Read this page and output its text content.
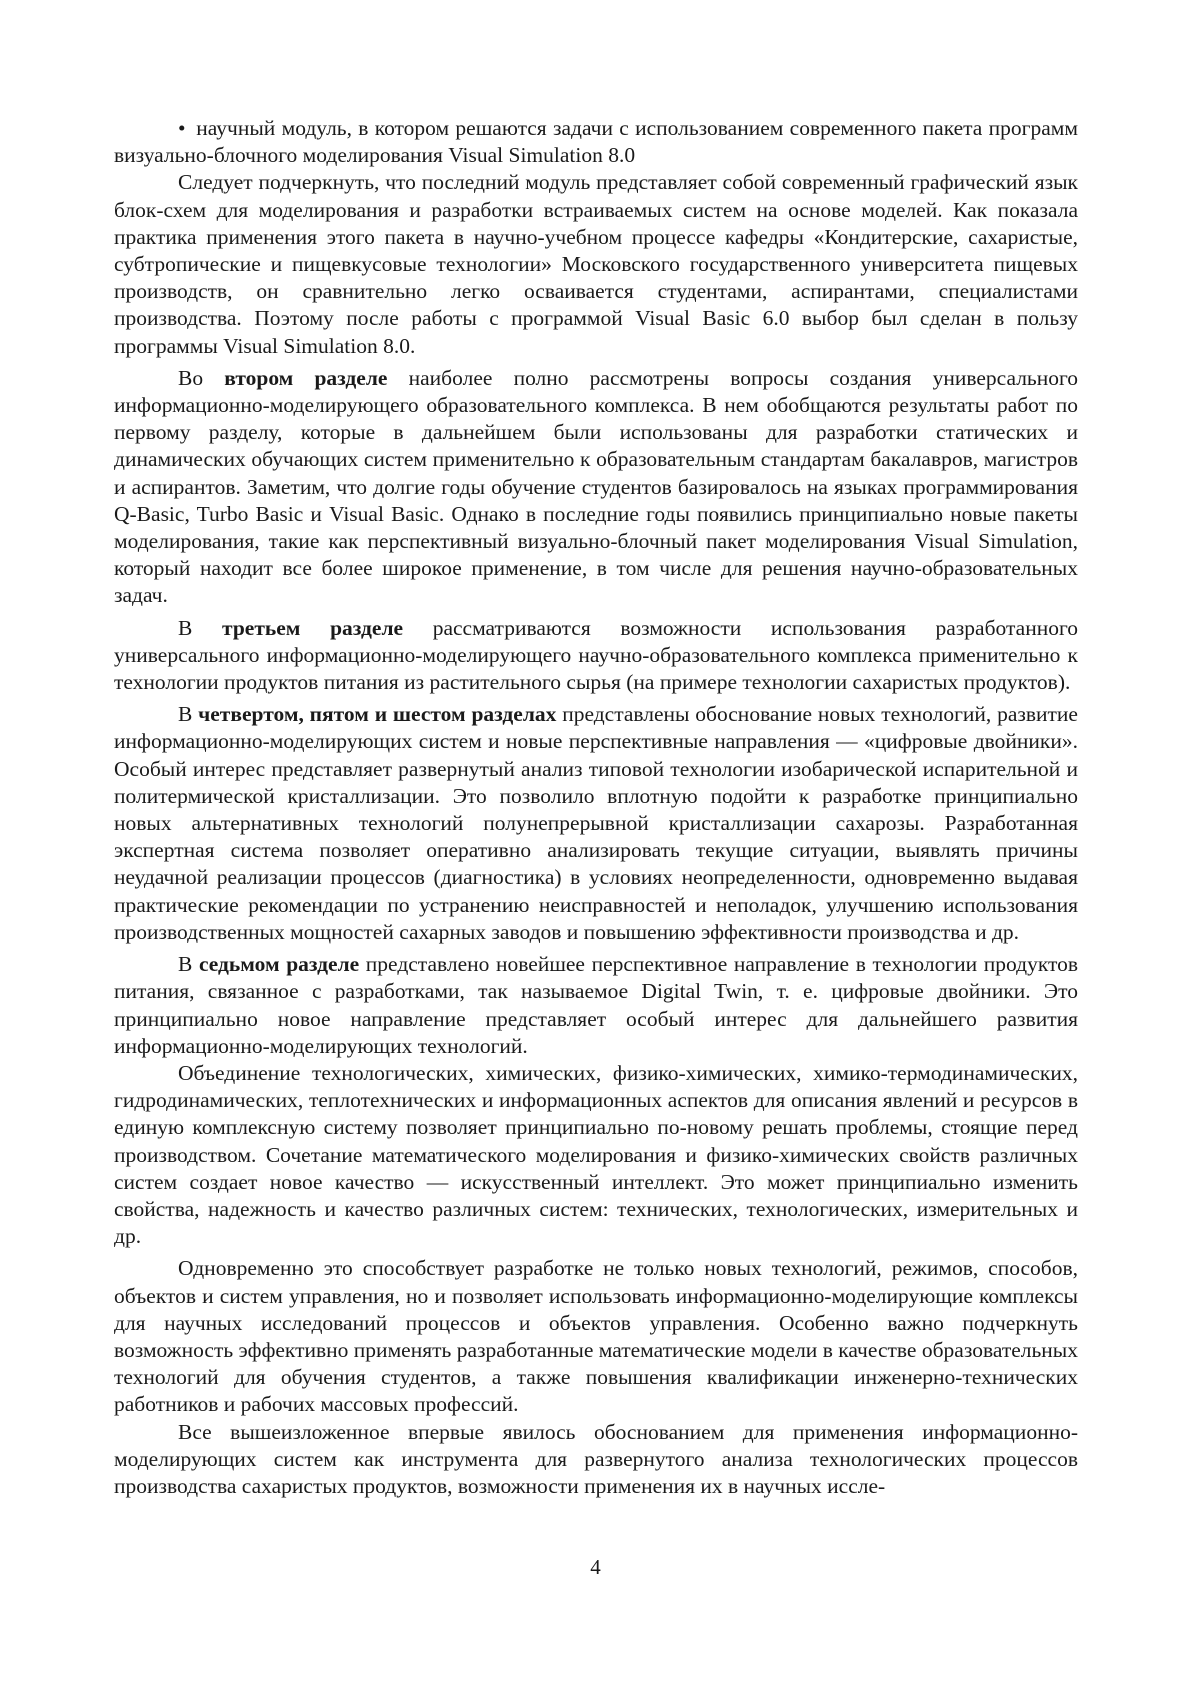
• научный модуль, в котором решаются задачи с использованием современного пакета программ визуально-блочного моделирования Visual Simulation 8.0

Следует подчеркнуть, что последний модуль представляет собой современный графический язык блок-схем для моделирования и разработки встраиваемых систем на основе моделей. Как показала практика применения этого пакета в научно-учебном процессе кафедры «Кондитерские, сахаристые, субтропические и пищевкусовые технологии» Московского государственного университета пищевых производств, он сравнительно легко осваивается студентами, аспирантами, специалистами производства. Поэтому после работы с программой Visual Basic 6.0 выбор был сделан в пользу программы Visual Simulation 8.0.

Во втором разделе наиболее полно рассмотрены вопросы создания универсального информационно-моделирующего образовательного комплекса. В нем обобщаются результаты работ по первому разделу, которые в дальнейшем были использованы для разработки статических и динамических обучающих систем применительно к образовательным стандартам бакалавров, магистров и аспирантов. Заметим, что долгие годы обучение студентов базировалось на языках программирования Q-Basic, Turbo Basic и Visual Basic. Однако в последние годы появились принципиально новые пакеты моделирования, такие как перспективный визуально-блочный пакет моделирования Visual Simulation, который находит все более широкое применение, в том числе для решения научно-образовательных задач.

В третьем разделе рассматриваются возможности использования разработанного универсального информационно-моделирующего научно-образовательного комплекса применительно к технологии продуктов питания из растительного сырья (на примере технологии сахаристых продуктов).

В четвертом, пятом и шестом разделах представлены обоснование новых технологий, развитие информационно-моделирующих систем и новые перспективные направления — «цифровые двойники». Особый интерес представляет развернутый анализ типовой технологии изобарической испарительной и политермической кристаллизации. Это позволило вплотную подойти к разработке принципиально новых альтернативных технологий полунепрерывной кристаллизации сахарозы. Разработанная экспертная система позволяет оперативно анализировать текущие ситуации, выявлять причины неудачной реализации процессов (диагностика) в условиях неопределенности, одновременно выдавая практические рекомендации по устранению неисправностей и неполадок, улучшению использования производственных мощностей сахарных заводов и повышению эффективности производства и др.

В седьмом разделе представлено новейшее перспективное направление в технологии продуктов питания, связанное с разработками, так называемое Digital Twin, т. е. цифровые двойники. Это принципиально новое направление представляет особый интерес для дальнейшего развития информационно-моделирующих технологий.

Объединение технологических, химических, физико-химических, химико-термодинамических, гидродинамических, теплотехнических и информационных аспектов для описания явлений и ресурсов в единую комплексную систему позволяет принципиально по-новому решать проблемы, стоящие перед производством. Сочетание математического моделирования и физико-химических свойств различных систем создает новое качество — искусственный интеллект. Это может принципиально изменить свойства, надежность и качество различных систем: технических, технологических, измерительных и др.

Одновременно это способствует разработке не только новых технологий, режимов, способов, объектов и систем управления, но и позволяет использовать информационно-моделирующие комплексы для научных исследований процессов и объектов управления. Особенно важно подчеркнуть возможность эффективно применять разработанные математические модели в качестве образовательных технологий для обучения студентов, а также повышения квалификации инженерно-технических работников и рабочих массовых профессий.

Все вышеизложенное впервые явилось обоснованием для применения информационно-моделирующих систем как инструмента для развернутого анализа технологических процессов производства сахаристых продуктов, возможности применения их в научных иссле-

4
